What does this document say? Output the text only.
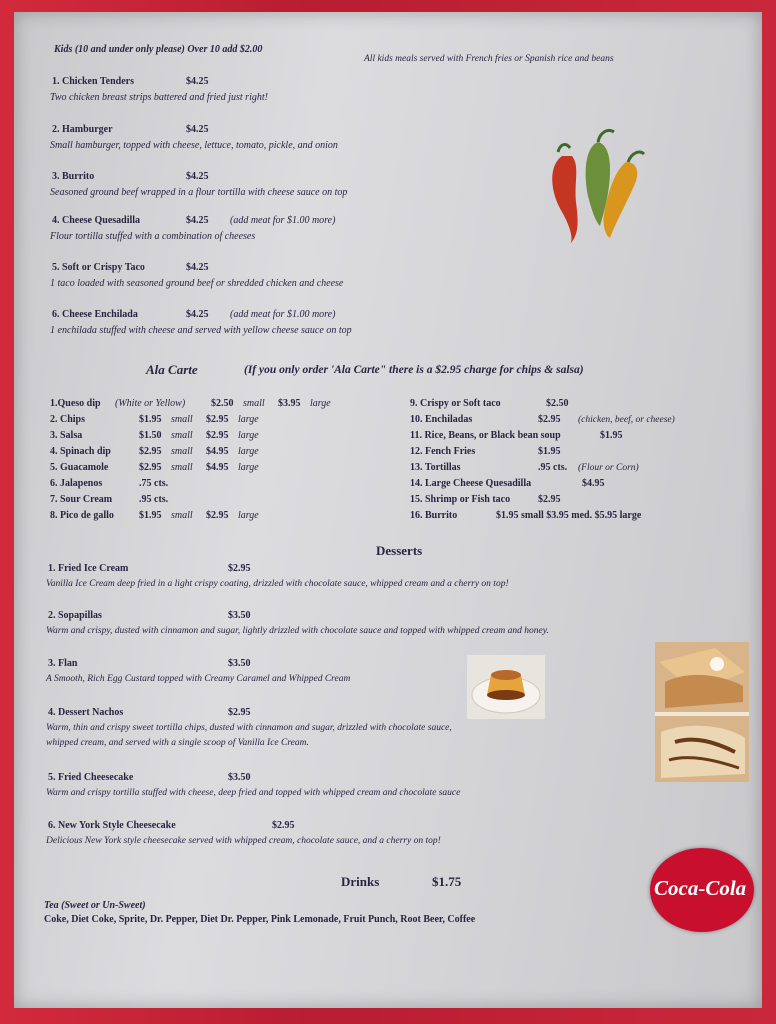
Kids (10 and under only please) Over 10 add $2.00
All kids meals served with French fries or Spanish rice and beans
1. Chicken Tenders	$4.25
Two chicken breast strips battered and fried just right!
2. Hamburger	$4.25
Small hamburger, topped with cheese, lettuce, tomato, pickle, and onion
3. Burrito	$4.25
Seasoned ground beef wrapped in a flour tortilla with cheese sauce on top
4. Cheese Quesadilla	$4.25 (add meat for $1.00 more)
Flour tortilla stuffed with a combination of cheeses
5. Soft or Crispy Taco	$4.25
1 taco loaded with seasoned ground beef or shredded chicken and cheese
6. Cheese Enchilada	$4.25 (add meat for $1.00 more)
1 enchilada stuffed with cheese and served with yellow cheese sauce on top
Ala Carte	(If you only order 'Ala Carte" there is a $2.95 charge for chips & salsa)
1.Queso dip (White or Yellow)	$2.50 small $3.95 large
2. Chips	$1.95 small $2.95 large
3. Salsa	$1.50 small $2.95 large
4. Spinach dip	$2.95 small $4.95 large
5. Guacamole	$2.95 small $4.95 large
6. Jalapenos	.75 cts.
7. Sour Cream	.95 cts.
8. Pico de gallo	$1.95 small $2.95 large
9. Crispy or Soft taco	$2.50
10. Enchiladas	$2.95 (chicken, beef, or cheese)
11. Rice, Beans, or Black bean soup	$1.95
12. Fench Fries	$1.95
13. Tortillas	.95 cts. (Flour or Corn)
14. Large Cheese Quesadilla	$4.95
15. Shrimp or Fish taco	$2.95
16. Burrito	$1.95 small $3.95 med. $5.95 large
Desserts
1. Fried Ice Cream	$2.95
Vanilla Ice Cream deep fried in a light crispy coating, drizzled with chocolate sauce, whipped cream and a cherry on top!
2. Sopapillas	$3.50
Warm and crispy, dusted with cinnamon and sugar, lightly drizzled with chocolate sauce and topped with whipped cream and honey.
3. Flan	$3.50
A Smooth, Rich Egg Custard topped with Creamy Caramel and Whipped Cream
4. Dessert Nachos	$2.95
Warm, thin and crispy sweet tortilla chips, dusted with cinnamon and sugar, drizzled with chocolate sauce,
whipped cream, and served with a single scoop of Vanilla Ice Cream.
5. Fried Cheesecake	$3.50
Warm and crispy tortilla stuffed with cheese, deep fried and topped with whipped cream and chocolate sauce
6. New York Style Cheesecake	$2.95
Delicious New York style cheesecake served with whipped cream, chocolate sauce, and a cherry on top!
Drinks	$1.75
Tea (Sweet or Un-Sweet)
Coke, Diet Coke, Sprite, Dr. Pepper, Diet Dr. Pepper, Pink Lemonade, Fruit Punch, Root Beer, Coffee
Coca-Cola
